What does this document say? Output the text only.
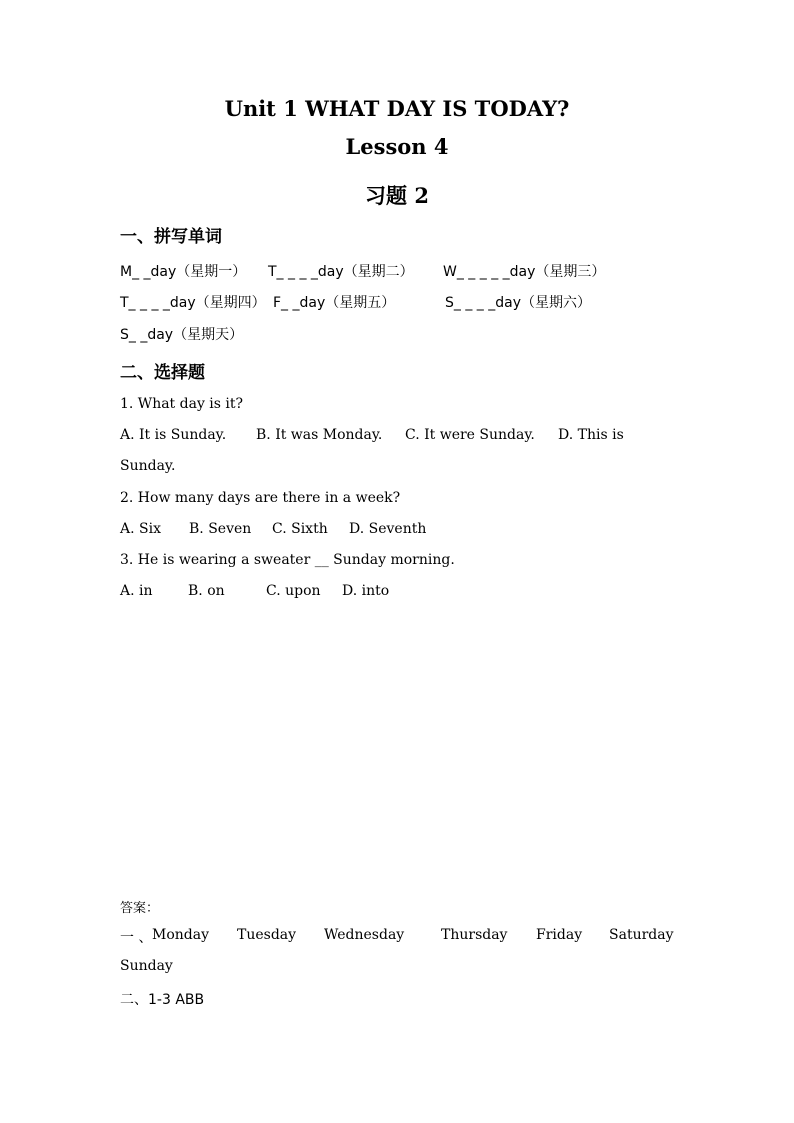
Unit 1 WHAT DAY IS TODAY?
Lesson 4
习题 2
一、拼写单词
M_ _day（星期一） T_ _ _ _day（星期二） W_ _ _ _ _day（星期三）
T_ _ _ _day（星期四） F_ _day（星期五）	S_ _ _ _day（星期六）
S_ _day（星期天）
二、选择题
1. What day is it?
A. It is Sunday. B. It was Monday. C. It were Sunday. D. This is
Sunday.
2. How many days are there in a week?
A. Six B. Seven C. Sixth D. Seventh
3. He is wearing a sweater __ Sunday morning.
A. in	B. on	C. upon D. into
答案：
一 、 Monday Tuesday Wednesday	Thursday Friday Saturday
Sunday
二、1-3 ABB
